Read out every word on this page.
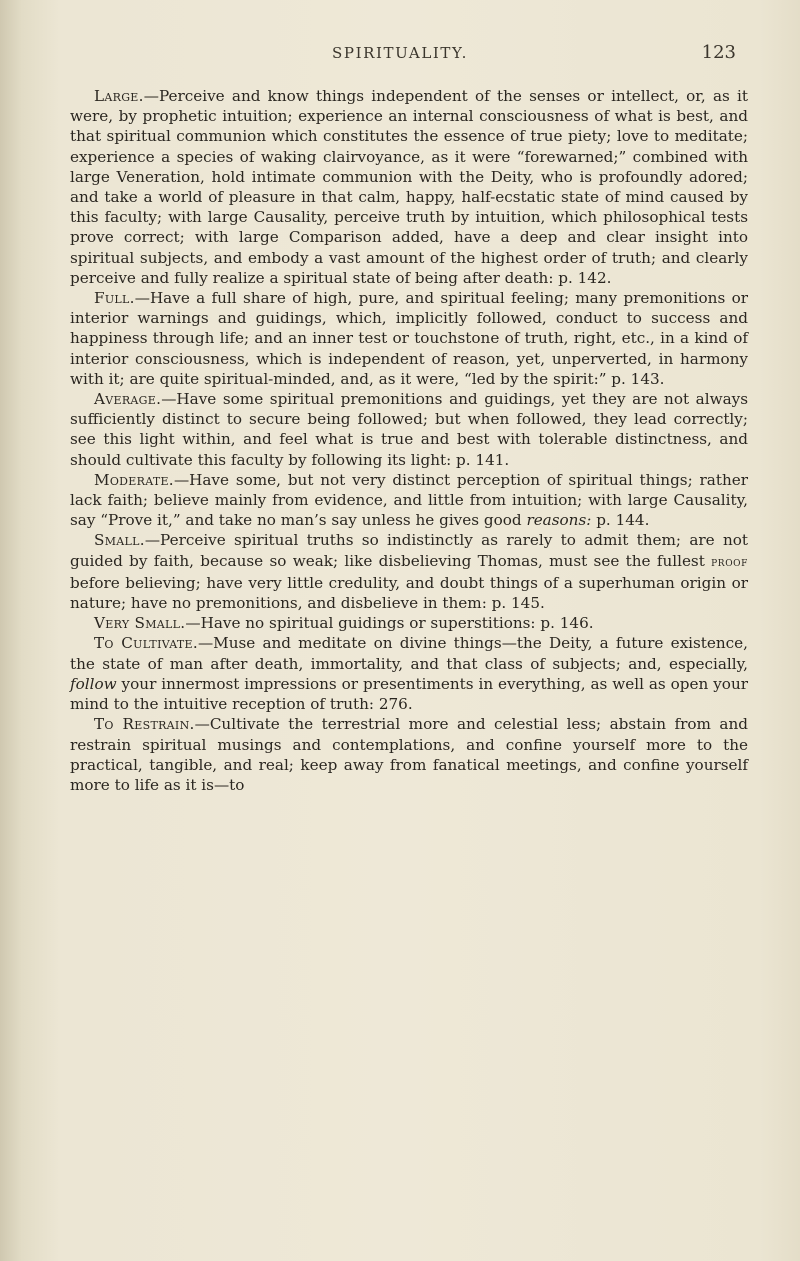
SPIRITUALITY.	123

Large.—Perceive and know things independent of the senses or intellect, or, as it were, by prophetic intuition; experience an internal consciousness of what is best, and that spiritual communion which constitutes the essence of true piety; love to meditate; experience a species of waking clairvoyance, as it were “forewarned;” combined with large Veneration, hold intimate communion with the Deity, who is profoundly adored; and take a world of pleasure in that calm, happy, half-ecstatic state of mind caused by this faculty; with large Causality, perceive truth by intuition, which philosophical tests prove correct; with large Comparison added, have a deep and clear insight into spiritual subjects, and embody a vast amount of the highest order of truth; and clearly perceive and fully realize a spiritual state of being after death: p. 142.

Full.—Have a full share of high, pure, and spiritual feeling; many premonitions or interior warnings and guidings, which, implicitly followed, conduct to success and happiness through life; and an inner test or touchstone of truth, right, etc., in a kind of interior consciousness, which is independent of reason, yet, unperverted, in harmony with it; are quite spiritual-minded, and, as it were, “led by the spirit:” p. 143.

Average.—Have some spiritual premonitions and guidings, yet they are not always sufficiently distinct to secure being followed; but when followed, they lead correctly; see this light within, and feel what is true and best with tolerable distinctness, and should cultivate this faculty by following its light: p. 141.

Moderate.—Have some, but not very distinct perception of spiritual things; rather lack faith; believe mainly from evidence, and little from intuition; with large Causality, say “Prove it,” and take no man’s say unless he gives good reasons: p. 144.

Small.—Perceive spiritual truths so indistinctly as rarely to admit them; are not guided by faith, because so weak; like disbelieving Thomas, must see the fullest proof before believing; have very little credulity, and doubt things of a superhuman origin or nature; have no premonitions, and disbelieve in them: p. 145.

Very Small.—Have no spiritual guidings or superstitions: p. 146.

To Cultivate.—Muse and meditate on divine things—the Deity, a future existence, the state of man after death, immortality, and that class of subjects; and, especially, follow your innermost impressions or presentiments in everything, as well as open your mind to the intuitive reception of truth: 276.

To Restrain.—Cultivate the terrestrial more and celestial less; abstain from and restrain spiritual musings and contemplations, and confine yourself more to the practical, tangible, and real; keep away from fanatical meetings, and confine yourself more to life as it is—to
